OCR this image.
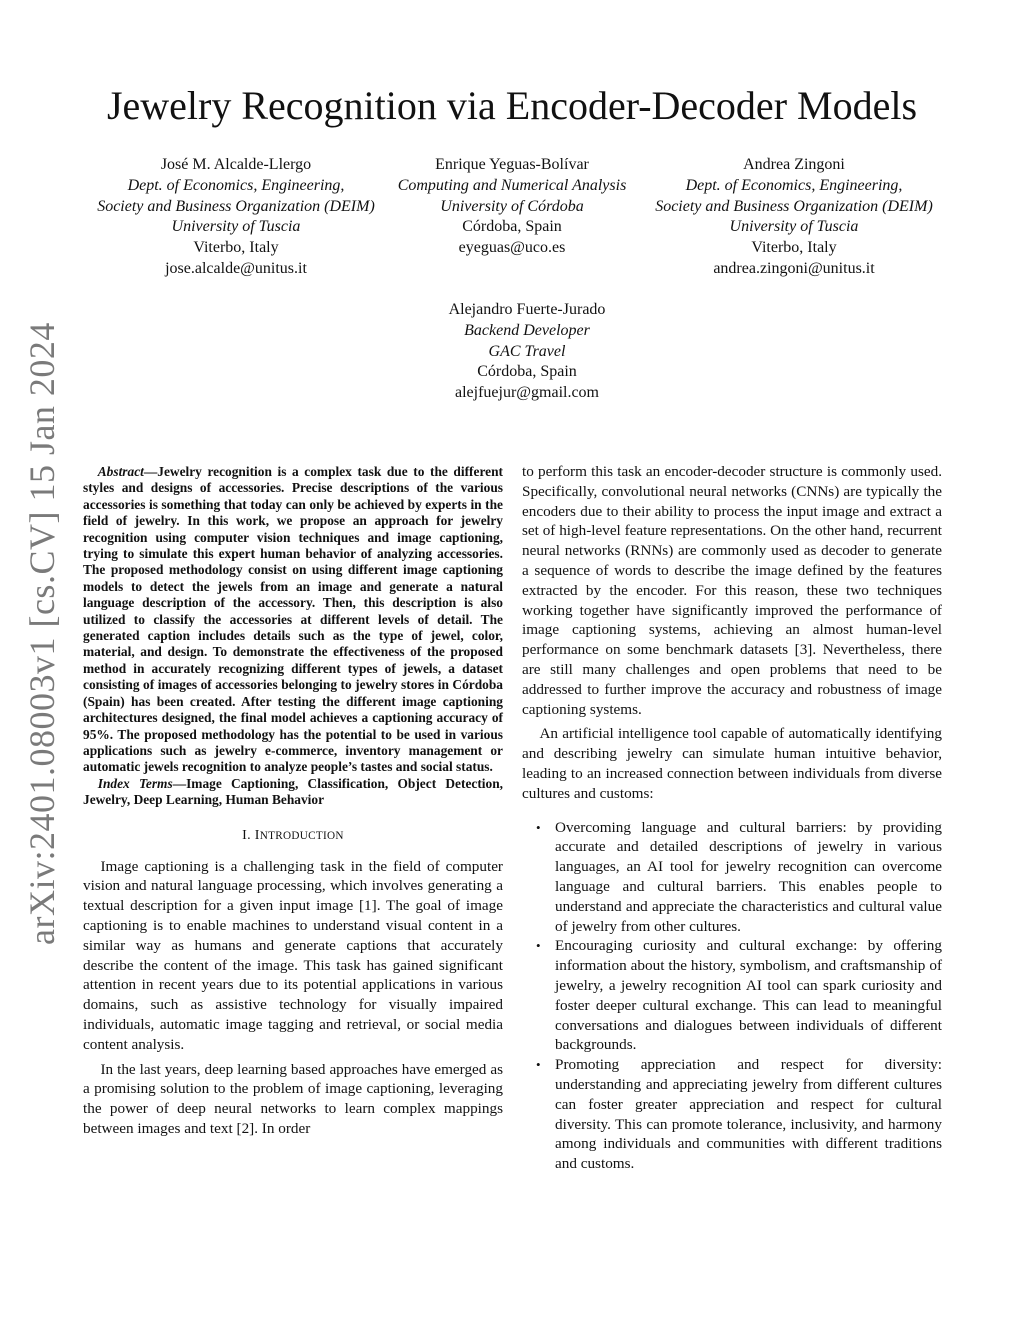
Jewelry Recognition via Encoder-Decoder Models
José M. Alcalde-Llergo
Dept. of Economics, Engineering,
Society and Business Organization (DEIM)
University of Tuscia
Viterbo, Italy
jose.alcalde@unitus.it
Enrique Yeguas-Bolívar
Computing and Numerical Analysis
University of Córdoba
Córdoba, Spain
eyeguas@uco.es
Andrea Zingoni
Dept. of Economics, Engineering,
Society and Business Organization (DEIM)
University of Tuscia
Viterbo, Italy
andrea.zingoni@unitus.it
Alejandro Fuerte-Jurado
Backend Developer
GAC Travel
Córdoba, Spain
alejfuejur@gmail.com
arXiv:2401.08003v1 [cs.CV] 15 Jan 2024	Abstract—Jewelry recognition is a complex task due to the different styles and designs of accessories. Precise descriptions of the various accessories is something that today can only be achieved by experts in the field of jewelry. In this work, we propose an approach for jewelry recognition using computer vision techniques and image captioning, trying to simulate this expert human behavior of analyzing accessories. The proposed methodology consist on using different image captioning models to detect the jewels from an image and generate a natural language description of the accessory. Then, this description is also utilized to classify the accessories at different levels of detail. The generated caption includes details such as the type of jewel, color, material, and design. To demonstrate the effectiveness of the proposed method in accurately recognizing different types of jewels, a dataset consisting of images of accessories belonging to jewelry stores in Córdoba (Spain) has been created. After testing the different image captioning architectures designed, the final model achieves a captioning accuracy of 95%. The proposed methodology has the potential to be used in various applications such as jewelry e-commerce, inventory management or automatic jewels recognition to analyze people’s tastes and social status.

Index Terms—Image Captioning, Classification, Object Detection, Jewelry, Deep Learning, Human Behavior

I. INTRODUCTION

Image captioning is a challenging task in the field of computer vision and natural language processing, which involves generating a textual description for a given input image [1]. The goal of image captioning is to enable machines to understand visual content in a similar way as humans and generate captions that accurately describe the content of the image. This task has gained significant attention in recent years due to its potential applications in various domains, such as assistive technology for visually impaired individuals, automatic image tagging and retrieval, or social media content analysis.

In the last years, deep learning based approaches have emerged as a promising solution to the problem of image captioning, leveraging the power of deep neural networks to learn complex mappings between images and text [2]. In order

to perform this task an encoder-decoder structure is commonly used. Specifically, convolutional neural networks (CNNs) are typically the encoders due to their ability to process the input image and extract a set of high-level feature representations. On the other hand, recurrent neural networks (RNNs) are commonly used as decoder to generate a sequence of words to describe the image defined by the features extracted by the encoder. For this reason, these two techniques working together have significantly improved the performance of image captioning systems, achieving an almost human-level performance on some benchmark datasets [3]. Nevertheless, there are still many challenges and open problems that need to be addressed to further improve the accuracy and robustness of image captioning systems.

An artificial intelligence tool capable of automatically identifying and describing jewelry can simulate human intuitive behavior, leading to an increased connection between individuals from diverse cultures and customs:

• Overcoming language and cultural barriers: by providing accurate and detailed descriptions of jewelry in various languages, an AI tool for jewelry recognition can overcome language and cultural barriers. This enables people to understand and appreciate the characteristics and cultural value of jewelry from other cultures.
• Encouraging curiosity and cultural exchange: by offering information about the history, symbolism, and craftsmanship of jewelry, a jewelry recognition AI tool can spark curiosity and foster deeper cultural exchange. This can lead to meaningful conversations and dialogues between individuals of different backgrounds.
• Promoting appreciation and respect for diversity: understanding and appreciating jewelry from different cultures can foster greater appreciation and respect for cultural diversity. This can promote tolerance, inclusivity, and harmony among individuals and communities with different traditions and customs.
